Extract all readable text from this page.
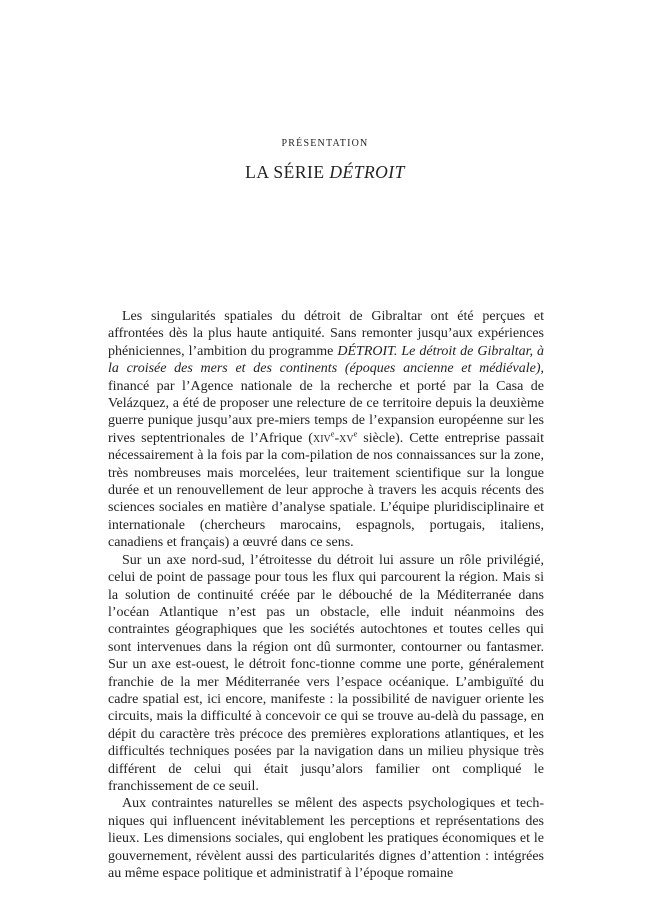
PRÉSENTATION
LA SÉRIE DÉTROIT

Les singularités spatiales du détroit de Gibraltar ont été perçues et affrontées dès la plus haute antiquité. Sans remonter jusqu’aux expériences phéniciennes, l’ambition du programme DÉTROIT. Le détroit de Gibraltar, à la croisée des mers et des continents (époques ancienne et médiévale), financé par l’Agence nationale de la recherche et porté par la Casa de Velázquez, a été de proposer une relecture de ce territoire depuis la deuxième guerre punique jusqu’aux pre-miers temps de l’expansion européenne sur les rives septentrionales de l’Afrique ($xiv^e-xv^e$ siècle). Cette entreprise passait nécessairement à la fois par la com-pilation de nos connaissances sur la zone, très nombreuses mais morcelées, leur traitement scientifique sur la longue durée et un renouvellement de leur approche à travers les acquis récents des sciences sociales en matière d’analyse spatiale. L’équipe pluridisciplinaire et internationale (chercheurs marocains, espagnols, portugais, italiens, canadiens et français) a œuvré dans ce sens.

Sur un axe nord-sud, l’étroitesse du détroit lui assure un rôle privilégié, celui de point de passage pour tous les flux qui parcourent la région. Mais si la solution de continuité créée par le débouché de la Méditerranée dans l’océan Atlantique n’est pas un obstacle, elle induit néanmoins des contraintes géographiques que les sociétés autochtones et toutes celles qui sont intervenues dans la région ont dû surmonter, contourner ou fantasmer. Sur un axe est-ouest, le détroit fonc-tionne comme une porte, généralement franchie de la mer Méditerranée vers l’espace océanique. L’ambiguïté du cadre spatial est, ici encore, manifeste : la possibilité de naviguer oriente les circuits, mais la difficulté à concevoir ce qui se trouve au-delà du passage, en dépit du caractère très précoce des premières explorations atlantiques, et les difficultés techniques posées par la navigation dans un milieu physique très différent de celui qui était jusqu’alors familier ont compliqué le franchissement de ce seuil.

Aux contraintes naturelles se mêlent des aspects psychologiques et tech-niques qui influencent inévitablement les perceptions et représentations des lieux. Les dimensions sociales, qui englobent les pratiques économiques et le gouvernement, révèlent aussi des particularités dignes d’attention : intégrées au même espace politique et administratif à l’époque romaine
